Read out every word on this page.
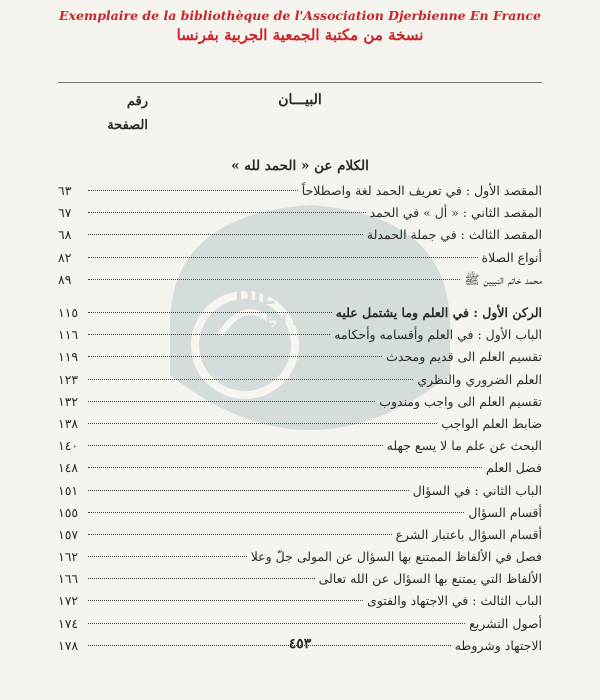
ASSOCIATION
DJERBIENNE
EN FRANCE
Exemplaire de la bibliothèque de l'Association Djerbienne En France
نسخة من مكتبة الجمعية الجربية بفرنسا
البيـــان
رقم
الصفحة
الكلام عن « الحمد لله »
المقصد الأول : في تعريف الحمد لغة واصطلاحاً
٦٣
المقصد الثاني : « أل » في الحمد
٦٧
المقصد الثالث : في جملة الحمدلة
٦٨
أنواع الصلاة
٨٢
محمد خاتم النبيين ﷺ
٨٩
الركن الأول : في العلم وما يشتمل عليه
١١٥
الباب الأول : في العلم وأقسامه وأحكامه
١١٦
تقسيم العلم الى قديم ومحدث
١١٩
العلم الضروري والنظري
١٢٣
تقسيم العلم الى واجب ومندوب
١٣٢
ضابط العلم الواجب
١٣٨
البحث عن علم ما لا يسع جهله
١٤٠
فضل العلم
١٤٨
الباب الثاني : في السؤال
١٥١
أقسام السؤال
١٥٥
أقسام السؤال باعتبار الشرع
١٥٧
فصل في الألفاظ الممتنع بها السؤال عن المولى جلّ وعلا
١٦٢
الألفاظ التي يمتنع بها السؤال عن الله تعالى
١٦٦
الباب الثالث : في الاجتهاد والفتوى
١٧٢
أصول التشريع
١٧٤
الاجتهاد وشروطه
١٧٨	٤٥٣
